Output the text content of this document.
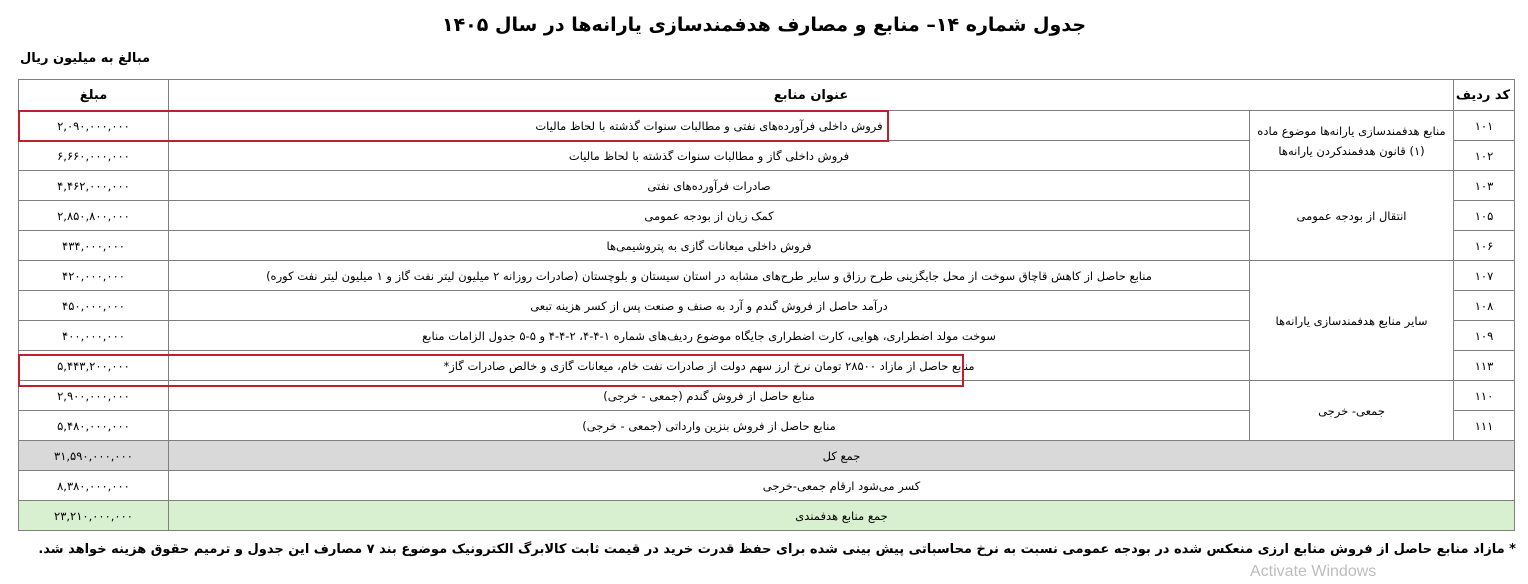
جدول شماره ۱۴– منابع و مصارف هدفمندسازی یارانه‌ها در سال ۱۴۰۵
مبالغ به میلیون ریال
مبلغ	عنوان منابع		کد ردیف
۲,۰۹۰,۰۰۰,۰۰۰	فروش داخلی فرآورده‌های نفتی و مطالبات سنوات گذشته با لحاظ مالیات	منابع هدفمندسازی یارانه‌ها موضوع ماده (۱) قانون هدفمندکردن یارانه‌ها	۱۰۱
۶,۶۶۰,۰۰۰,۰۰۰	فروش داخلی گاز و مطالبات سنوات گذشته با لحاظ مالیات		۱۰۲
۴,۴۶۲,۰۰۰,۰۰۰	صادرات فرآورده‌های نفتی	انتقال از بودجه عمومی	۱۰۳
۲,۸۵۰,۸۰۰,۰۰۰	کمک زیان از بودجه عمومی		۱۰۵
۴۳۴,۰۰۰,۰۰۰	فروش داخلی میعانات گازی به پتروشیمی‌ها		۱۰۶
۴۲۰,۰۰۰,۰۰۰	منابع حاصل از کاهش قاچاق سوخت از محل جایگزینی طرح رزاق و سایر طرح‌های مشابه در استان سیستان و بلوچستان (صادرات روزانه ۲ میلیون لیتر نفت گاز و ۱ میلیون لیتر نفت کوره)	سایر منابع هدفمندسازی یارانه‌ها	۱۰۷
۴۵۰,۰۰۰,۰۰۰	درآمد حاصل از فروش گندم و آرد به صنف و صنعت پس از کسر هزینه تبعی		۱۰۸
۴۰۰,۰۰۰,۰۰۰	سوخت مولد اضطراری، هوایی، کارت اضطراری جایگاه موضوع ردیف‌های شماره ۱-۴-۴، ۲-۴-۴ و ۵-۵ جدول الزامات منابع		۱۰۹
۵,۴۴۳,۲۰۰,۰۰۰	منابع حاصل از مازاد ۲۸۵۰۰ تومان نرخ ارز سهم دولت از صادرات نفت خام، میعانات گازی و خالص صادرات گاز*		۱۱۳
۲,۹۰۰,۰۰۰,۰۰۰	منابع حاصل از فروش گندم (جمعی - خرجی)	جمعی- خرجی	۱۱۰
۵,۴۸۰,۰۰۰,۰۰۰	منابع حاصل از فروش بنزین وارداتی (جمعی - خرجی)		۱۱۱
۳۱,۵۹۰,۰۰۰,۰۰۰	جمع کل		
۸,۳۸۰,۰۰۰,۰۰۰	کسر می‌شود ارقام جمعی-خرجی		
۲۳,۲۱۰,۰۰۰,۰۰۰	جمع منابع هدفمندی		
* مازاد منابع حاصل از فروش منابع ارزی منعکس شده در بودجه عمومی نسبت به نرخ محاسباتی پیش بینی شده برای حفظ قدرت خرید در قیمت ثابت کالابرگ الکترونیک موضوع بند ۷ مصارف این جدول و ترمیم حقوق هزینه خواهد شد.
Activate Windows
